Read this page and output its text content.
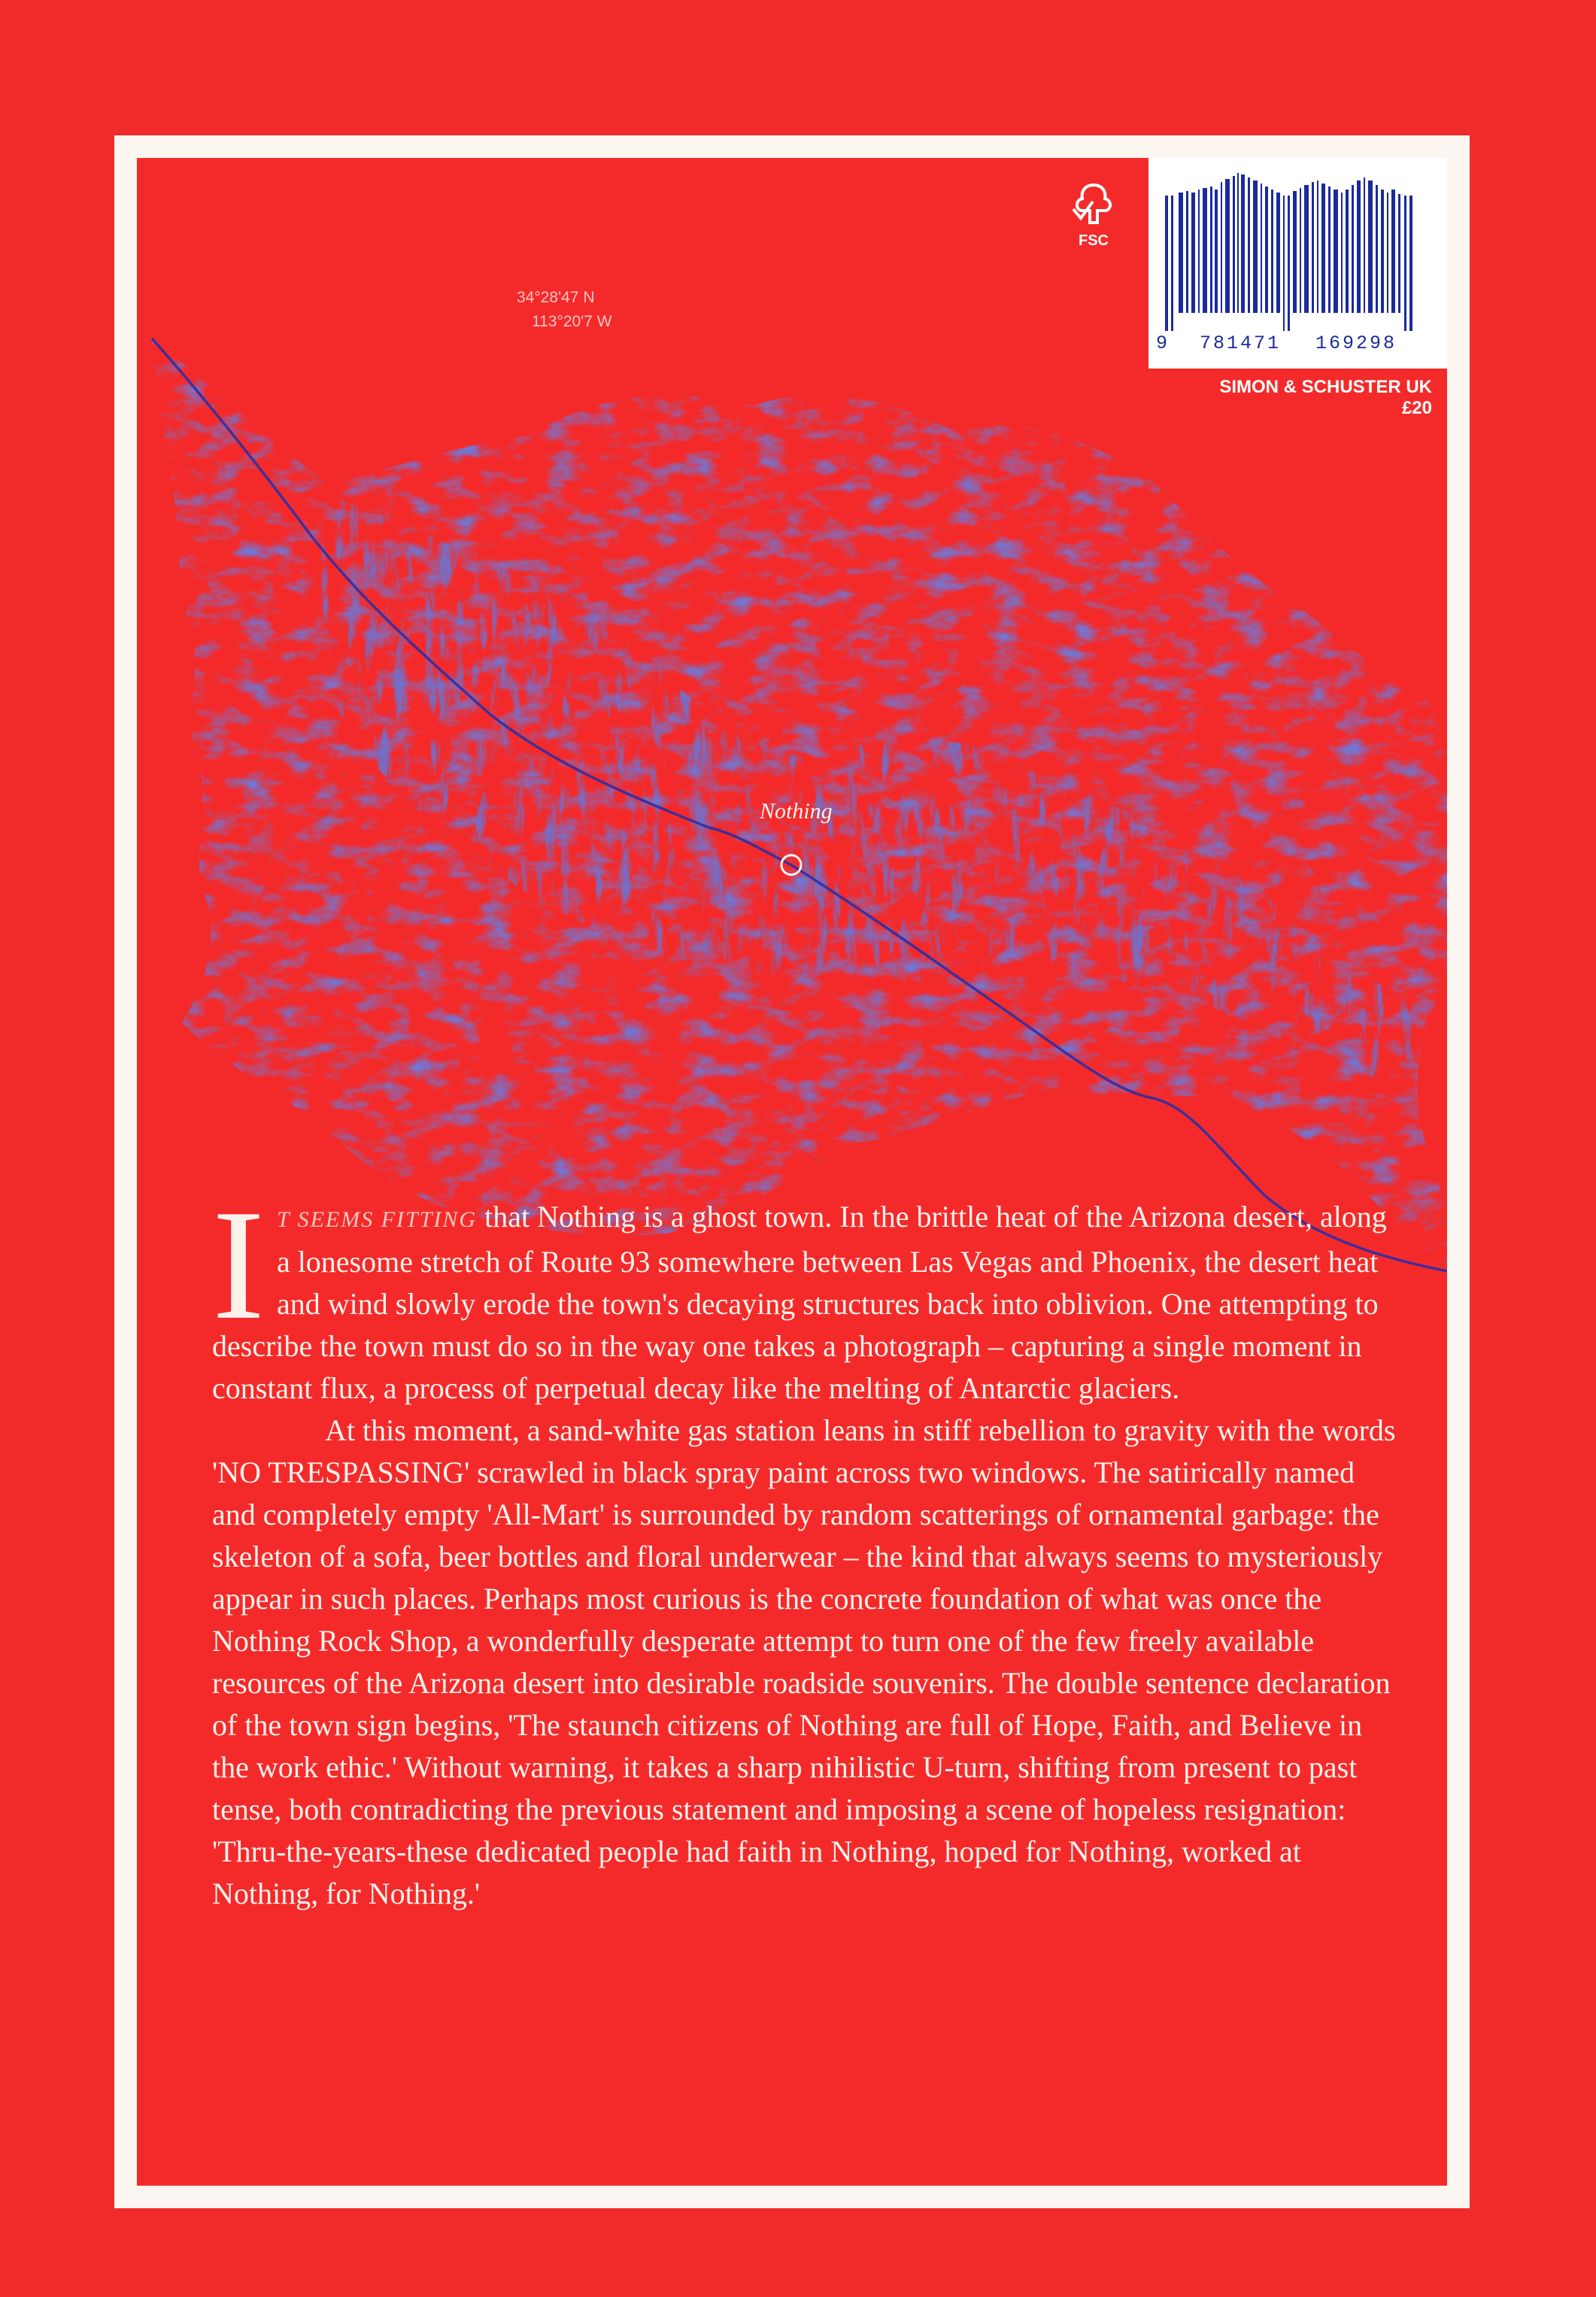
34°28'47 N
113°20'7 W
Nothing
FSC
9 781471 169298
SIMON & SCHUSTER UK
£20

I T SEEMS FITTING that Nothing is a ghost town. In the brittle heat of the Arizona desert, along a lonesome stretch of Route 93 somewhere between Las Vegas and Phoenix, the desert heat and wind slowly erode the town's decaying structures back into oblivion. One attempting to describe the town must do so in the way one takes a photograph – capturing a single moment in constant flux, a process of perpetual decay like the melting of Antarctic glaciers.

At this moment, a sand-white gas station leans in stiff rebellion to gravity with the words 'NO TRESPASSING' scrawled in black spray paint across two windows. The satirically named and completely empty 'All-Mart' is surrounded by random scatterings of ornamental garbage: the skeleton of a sofa, beer bottles and floral underwear – the kind that always seems to mysteriously appear in such places. Perhaps most curious is the concrete foundation of what was once the Nothing Rock Shop, a wonderfully desperate attempt to turn one of the few freely available resources of the Arizona desert into desirable roadside souvenirs. The double sentence declaration of the town sign begins, 'The staunch citizens of Nothing are full of Hope, Faith, and Believe in the work ethic.' Without warning, it takes a sharp nihilistic U-turn, shifting from present to past tense, both contradicting the previous statement and imposing a scene of hopeless resignation: 'Thru-the-years-these dedicated people had faith in Nothing, hoped for Nothing, worked at Nothing, for Nothing.'
